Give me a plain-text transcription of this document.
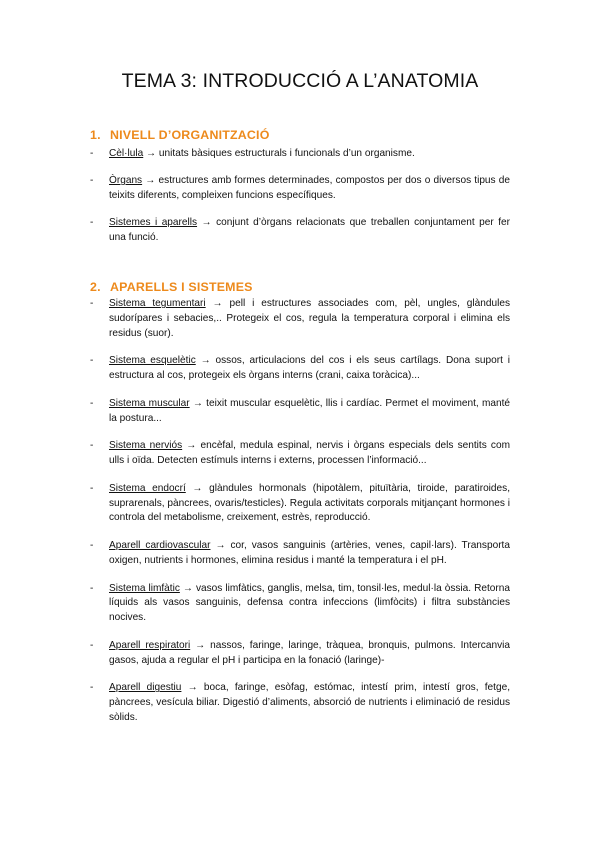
TEMA 3: INTRODUCCIÓ A L’ANATOMIA
1. NIVELL D’ORGANITZACIÓ
- Cèl·lula → unitats bàsiques estructurals i funcionals d’un organisme.
- Òrgans → estructures amb formes determinades, compostos per dos o diversos tipus de teixits diferents, compleixen funcions específiques.
- Sistemes i aparells → conjunt d’òrgans relacionats que treballen conjuntament per fer una funció.
2. APARELLS I SISTEMES
- Sistema tegumentari → pell i estructures associades com, pèl, ungles, glàndules sudorípares i sebacies,.. Protegeix el cos, regula la temperatura corporal i elimina els residus (suor).
- Sistema esquelètic → ossos, articulacions del cos i els seus cartílags. Dona suport i estructura al cos, protegeix els òrgans interns (crani, caixa toràcica)...
- Sistema muscular → teixit muscular esquelètic, llis i cardíac. Permet el moviment, manté la postura...
- Sistema nerviós → encèfal, medula espinal, nervis i òrgans especials dels sentits com ulls i oïda. Detecten estímuls interns i externs, processen l’informació...
- Sistema endocrí → glàndules hormonals (hipotàlem, pituïtària, tiroide, paratiroides, suprarenals, pàncrees, ovaris/testicles). Regula activitats corporals mitjançant hormones i controla del metabolisme, creixement, estrès, reproducció.
- Aparell cardiovascular → cor, vasos sanguinis (artèries, venes, capil·lars). Transporta oxigen, nutrients i hormones, elimina residus i manté la temperatura i el pH.
- Sistema limfàtic → vasos limfàtics, ganglis, melsa, tim, tonsil·les, medul·la òssia. Retorna líquids als vasos sanguinis, defensa contra infeccions (limfòcits) i filtra substàncies nocives.
- Aparell respiratori → nassos, faringe, laringe, tràquea, bronquis, pulmons. Intercanvia gasos, ajuda a regular el pH i participa en la fonació (laringe)-
- Aparell digestiu → boca, faringe, esòfag, estómac, intestí prim, intestí gros, fetge, pàncrees, vesícula biliar. Digestió d’aliments, absorció de nutrients i eliminació de residus sòlids.
